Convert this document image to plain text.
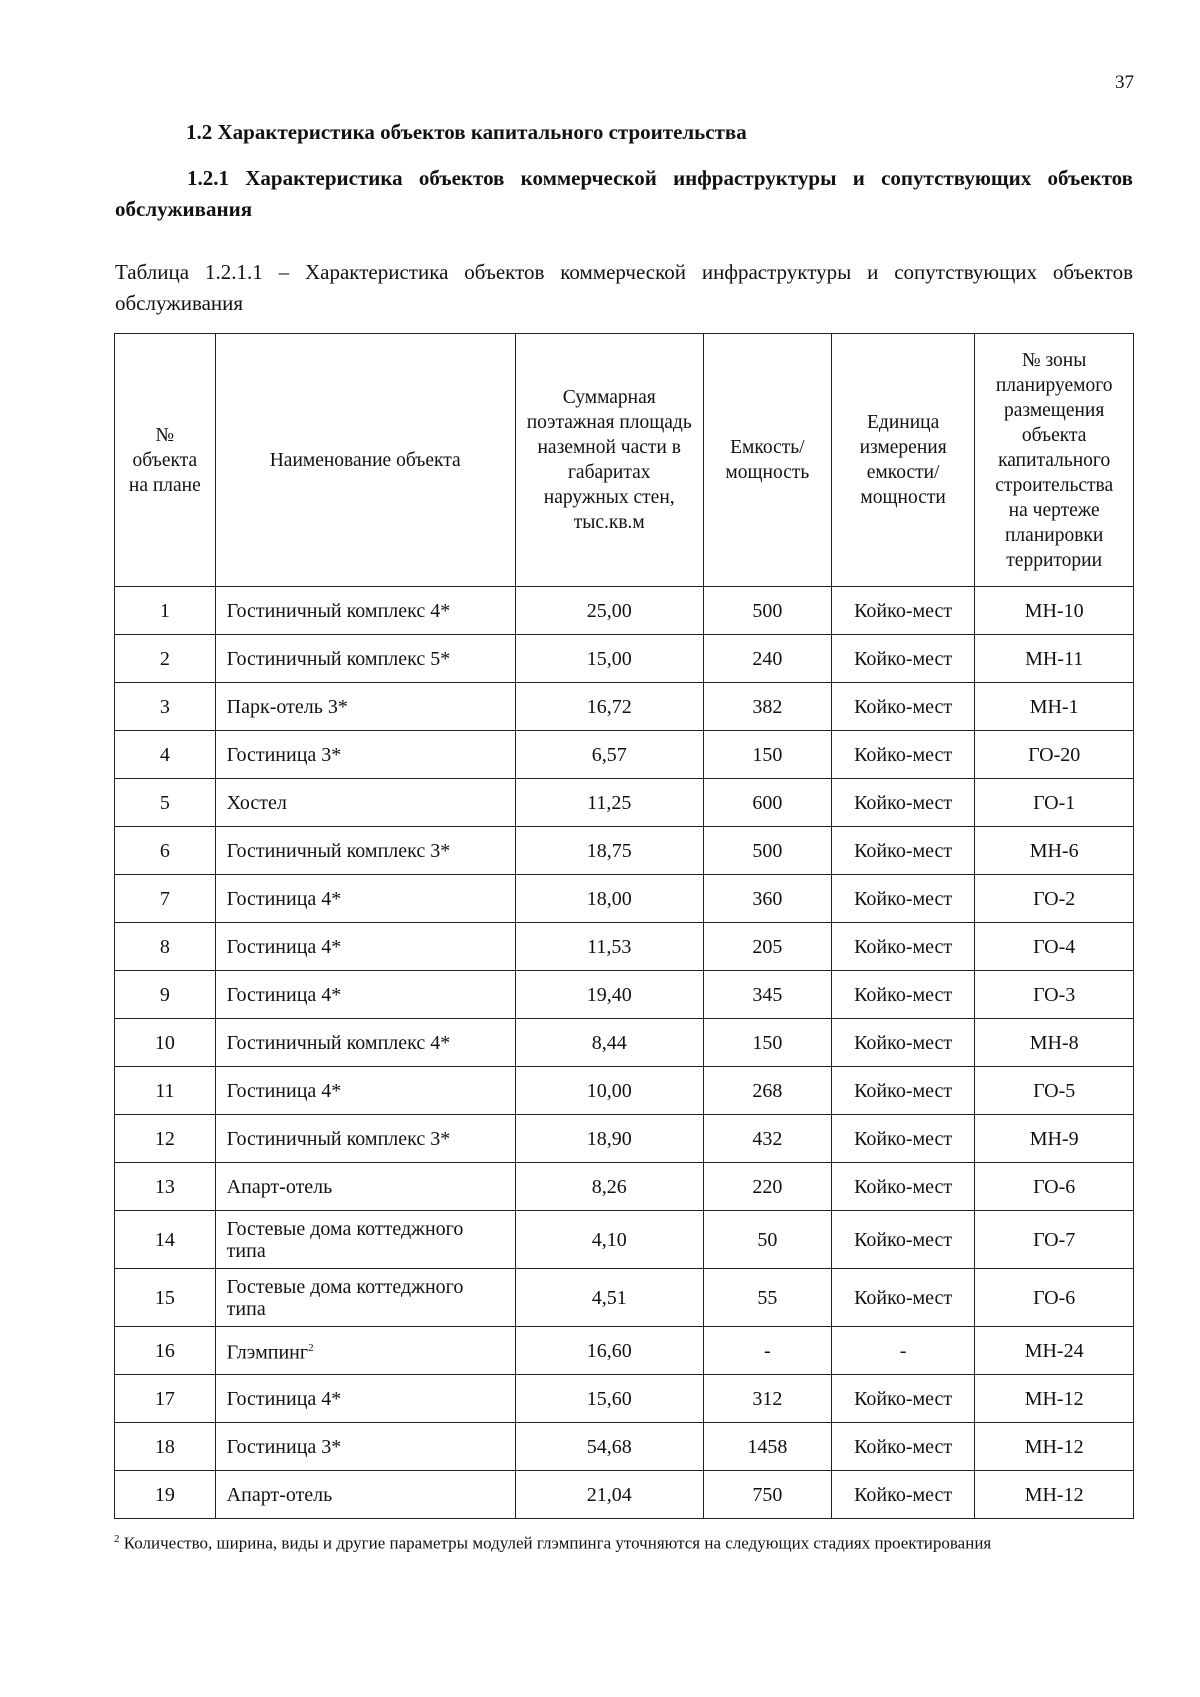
37
1.2 Характеристика объектов капитального строительства
1.2.1 Характеристика объектов коммерческой инфраструктуры и сопутствующих объектов обслуживания
Таблица 1.2.1.1 – Характеристика объектов коммерческой инфраструктуры и сопутствующих объектов обслуживания
№ объекта на плане	Наименование объекта	Суммарная поэтажная площадь наземной части в габаритах наружных стен, тыс.кв.м	Емкость/ мощность	Единица измерения емкости/ мощности	№ зоны планируемого размещения объекта капитального строительства на чертеже планировки территории
1	Гостиничный комплекс 4*	25,00	500	Койко-мест	МН-10
2	Гостиничный комплекс 5*	15,00	240	Койко-мест	МН-11
3	Парк-отель 3*	16,72	382	Койко-мест	МН-1
4	Гостиница 3*	6,57	150	Койко-мест	ГО-20
5	Хостел	11,25	600	Койко-мест	ГО-1
6	Гостиничный комплекс 3*	18,75	500	Койко-мест	МН-6
7	Гостиница 4*	18,00	360	Койко-мест	ГО-2
8	Гостиница 4*	11,53	205	Койко-мест	ГО-4
9	Гостиница 4*	19,40	345	Койко-мест	ГО-3
10	Гостиничный комплекс 4*	8,44	150	Койко-мест	МН-8
11	Гостиница 4*	10,00	268	Койко-мест	ГО-5
12	Гостиничный комплекс 3*	18,90	432	Койко-мест	МН-9
13	Апарт-отель	8,26	220	Койко-мест	ГО-6
14	Гостевые дома коттеджного типа	4,10	50	Койко-мест	ГО-7
15	Гостевые дома коттеджного типа	4,51	55	Койко-мест	ГО-6
16	Глэмпинг$^2$	16,60	-	-	МН-24
17	Гостиница 4*	15,60	312	Койко-мест	МН-12
18	Гостиница 3*	54,68	1458	Койко-мест	МН-12
19	Апарт-отель	21,04	750	Койко-мест	МН-12
$^2$ Количество, ширина, виды и другие параметры модулей глэмпинга уточняются на следующих стадиях проектирования
